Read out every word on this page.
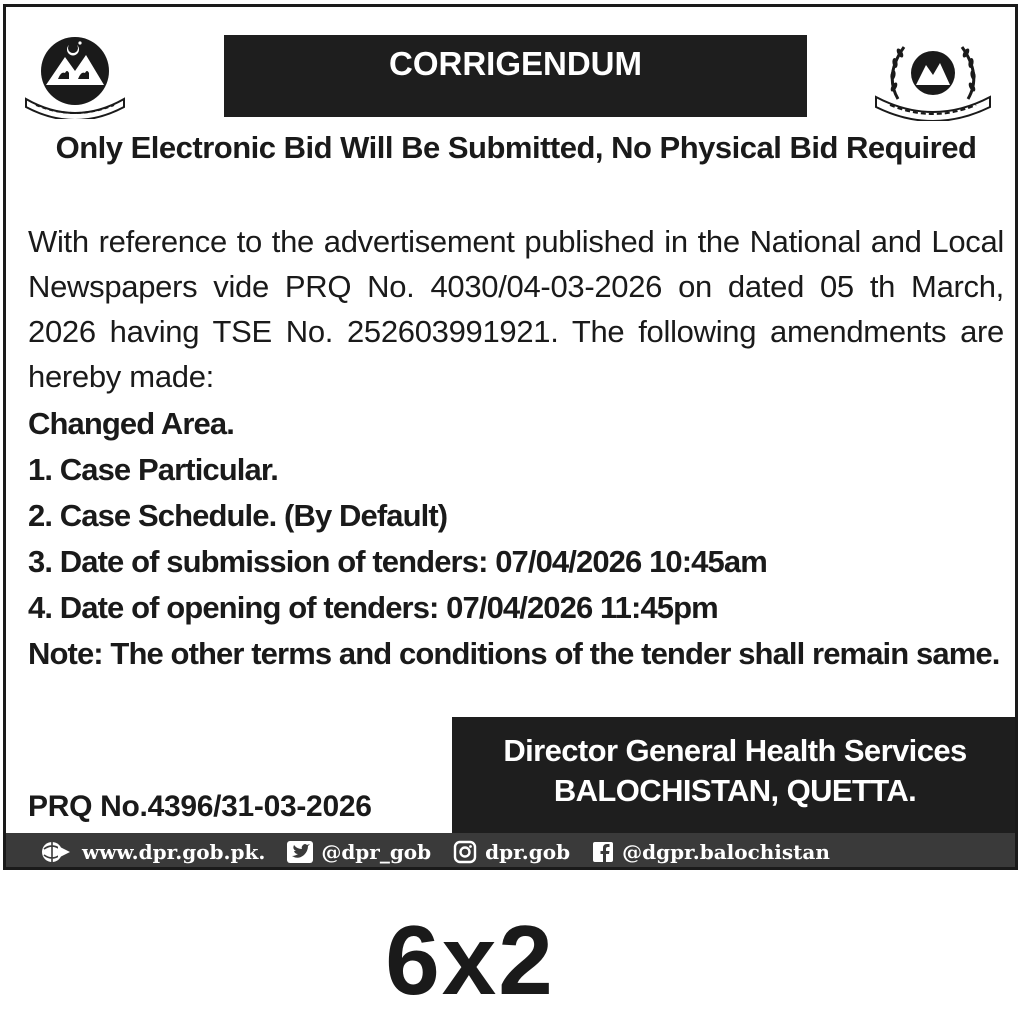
CORRIGENDUM
Only Electronic Bid Will Be Submitted, No Physical Bid Required
With reference to the advertisement published in the National and Local Newspapers vide PRQ No. 4030/04-03-2026 on dated 05 th March, 2026 having TSE No. 252603991921. The following amendments are hereby made:
Changed Area.
1. Case Particular.
2. Case Schedule. (By Default)
3. Date of submission of tenders: 07/04/2026 10:45am
4. Date of opening of tenders: 07/04/2026 11:45pm
Note: The other terms and conditions of the tender shall remain same.
Director General Health Services
BALOCHISTAN, QUETTA.
PRQ No.4396/31-03-2026
www.dpr.gob.pk.	@dpr_gob	dpr.gob	@dgpr.balochistan
6x2
